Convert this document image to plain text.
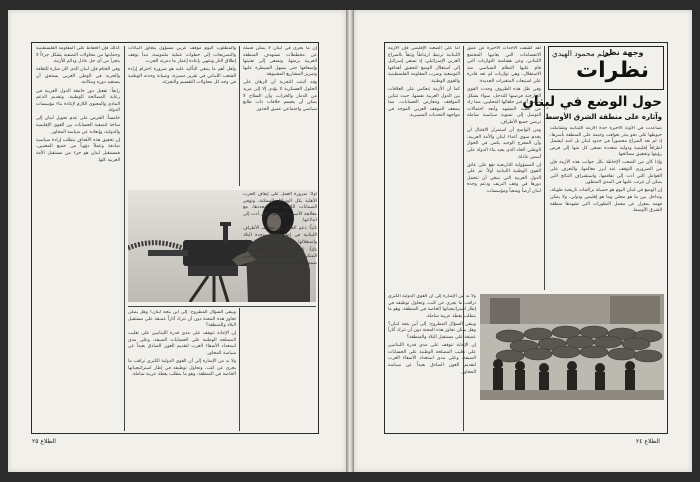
إن ما يجري في لبنان لا يمكن فصله عن مخططات تستهدف المنطقة العربية برمتها، وتسعى إلى تفتيتها وإضعافها حتى يسهل السيطرة عليها وتمرير المشاريع المشبوهة.

وقد أثبتت التجربة أن الرهان على الحلول العسكرية لا يؤدي إلا إلى مزيد من الدمار والخراب، وأن السلاح لا يمكن أن يحسم خلافات ذات طابع سياسي واجتماعي عميق الجذور.

والمطلوب اليوم موقف عربي مسؤول يتجاوز البيانات والتصريحات إلى خطوات عملية ملموسة، تبدأ بوقف إطلاق النار وتنتهي بإعادة إعمار ما دمرته الحرب.

ولعل أهم ما ينبغي التأكيد عليه هو ضرورة احترام إرادة الشعب اللبناني في تقرير مصيره، وصيانة وحدته الوطنية في وجه كل محاولات التقسيم والتجزئة.

كذلك فإن الحفاظ على المقاومة الفلسطينية وحمايتها من محاولات التصفية يشكل جزءاً لا يتجزأ من أي حل عادل ودائم للأزمة.

وفي الختام فإن لبنان الذي كان منارة للثقافة والحرية في الوطن العربي يستحق أن يستعيد دوره ومكانته.

رابعاً: تفعيل دور جامعة الدول العربية في رعاية المصالحة الوطنية، وتقديم الدعم المادي والمعنوي اللازم لإعادة بناء مؤسسات الدولة.

خامساً: الحرص على عدم تحويل لبنان إلى ساحة لتصفية الحسابات بين القوى الإقليمية والدولية، وإبعاده عن سياسة المحاور.

إن تحقيق هذه الأهداف يتطلب إرادة سياسية صادقة وعملاً دؤوباً من جميع المعنيين، فمستقبل لبنان هو جزء من مستقبل الأمة العربية كلها.

أولاً: ضرورة العمل على إيقاف الحرب الأهلية بكل الوسائل الممكنة، وتوفير الضمانات اللازمة لعدم تجددها، مع معالجة الأسباب الحقيقية التي أدت إلى اندلاعها.

ثانياً: دعم الحوار بين مختلف الأطراف اللبنانية في إطار يحفظ وحدة البلاد واستقلالها وسيادتها على كامل أراضيها.

ثالثاً: التصدي للاعتداءات الإسرائيلية المتكررة على الجنوب اللبناني، وتعزيز صمود الأهالي في قراهم ومدنهم.

ويبقى السؤال المطروح: إلى أين يتجه لبنان؟ وهل يمكن تجاوز هذه المحنة دون أن تترك آثاراً عميقة على مستقبل البلاد والمنطقة؟

إن الإجابة تتوقف على مدى قدرة اللبنانيين على تغليب المصلحة الوطنية على الحسابات الضيقة، وعلى مدى استعداد الأشقاء العرب لتقديم العون الصادق بعيداً عن سياسة المحاور.

ولا بد من الإشارة إلى أن القوى الدولية الكبرى تراقب ما يجري عن كثب، وتحاول توظيفه في إطار استراتيجياتها الخاصة في المنطقة، وهو ما يتطلب يقظة عربية شاملة.

الطلاع ٢٥
وجهة نظر
بقلم محمود الهيدي
نظرات
حول الوضع في لبنان
وآثاره على منطقة الشرق الأوسط

تصاعدت في الآونة الأخيرة حدة الأزمة اللبنانية وتشابكت خيوطها على نحو ينذر بعواقب وخيمة على المنطقة بأسرها، إذ لم يعد الصراع محصوراً في حدود لبنان بل امتد ليشمل أطرافاً إقليمية ودولية متعددة تسعى كل منها إلى فرض رؤيتها وتحقيق مصالحها.

وإذا كان من الصعب الإحاطة بكل جوانب هذه الأزمة فإن من الضروري التوقف عند أبرز معالمها، والتعرف على العوامل التي أدت إلى تفاقمها، واستشراف النتائج التي يمكن أن تترتب عليها في المدى المنظور.

إن الوضع في لبنان اليوم هو حصيلة تراكمات تاريخية طويلة، وتداخل بين ما هو محلي وما هو إقليمي ودولي، ولا يمكن فهمه بمعزل عن مجمل التطورات التي تشهدها منطقة الشرق الأوسط.

لقد كشفت الأحداث الأخيرة عن عمق الانقسامات التي يعانيها المجتمع اللبناني، وعن هشاشة التوازنات التي قام عليها النظام السياسي منذ الاستقلال، وهي توازنات لم تعد قادرة على استيعاب المتغيرات الجديدة.

وفي ظل هذه الظروف وجدت القوى الخارجية فرصتها للتدخل، سواء بشكل مباشر أو عبر حلفائها المحليين، مما زاد من تعقيد المشهد وأبعد احتمالات التوصل إلى تسوية سياسية شاملة ترضي جميع الأطراف.

ومن الواضح أن استمرار الاقتتال لن يخدم سوى أعداء لبنان والأمة العربية، وأن المخرج الوحيد يكمن في الحوار الوطني الجاد الذي يعيد بناء الدولة على أسس عادلة.

إن المسؤولية التاريخية تقع على عاتق القوى الوطنية اللبنانية أولاً، ثم على الدول العربية التي ينبغي أن تتحمل دورها في وقف النزيف ودعم وحدة لبنان أرضاً وشعباً ومؤسسات.

أما على الصعيد الإقليمي فإن الأزمة اللبنانية ترتبط ارتباطاً وثيقاً بالصراع العربي الإسرائيلي، إذ تسعى إسرائيل إلى استغلال الوضع لتحقيق أهدافها التوسعية وضرب المقاومة الفلسطينية والقوى الوطنية.

كما أن الأزمة تنعكس على العلاقات بين الدول العربية نفسها، حيث تتباين المواقف وتتعارض الحسابات، مما يضعف الموقف العربي الموحد في مواجهة التحديات المصيرية.

ولا بد من الإشارة إلى أن القوى الدولية الكبرى تراقب ما يجري عن كثب، وتحاول توظيفه في إطار استراتيجياتها الخاصة في المنطقة، وهو ما يتطلب يقظة عربية شاملة.

ويبقى السؤال المطروح: إلى أين يتجه لبنان؟ وهل يمكن تجاوز هذه المحنة دون أن تترك آثاراً عميقة على مستقبل البلاد والمنطقة؟

إن الإجابة تتوقف على مدى قدرة اللبنانيين على تغليب المصلحة الوطنية على الحسابات الضيقة، وعلى مدى استعداد الأشقاء العرب لتقديم العون الصادق بعيداً عن سياسة المحاور.

الطلاع ٢٤
